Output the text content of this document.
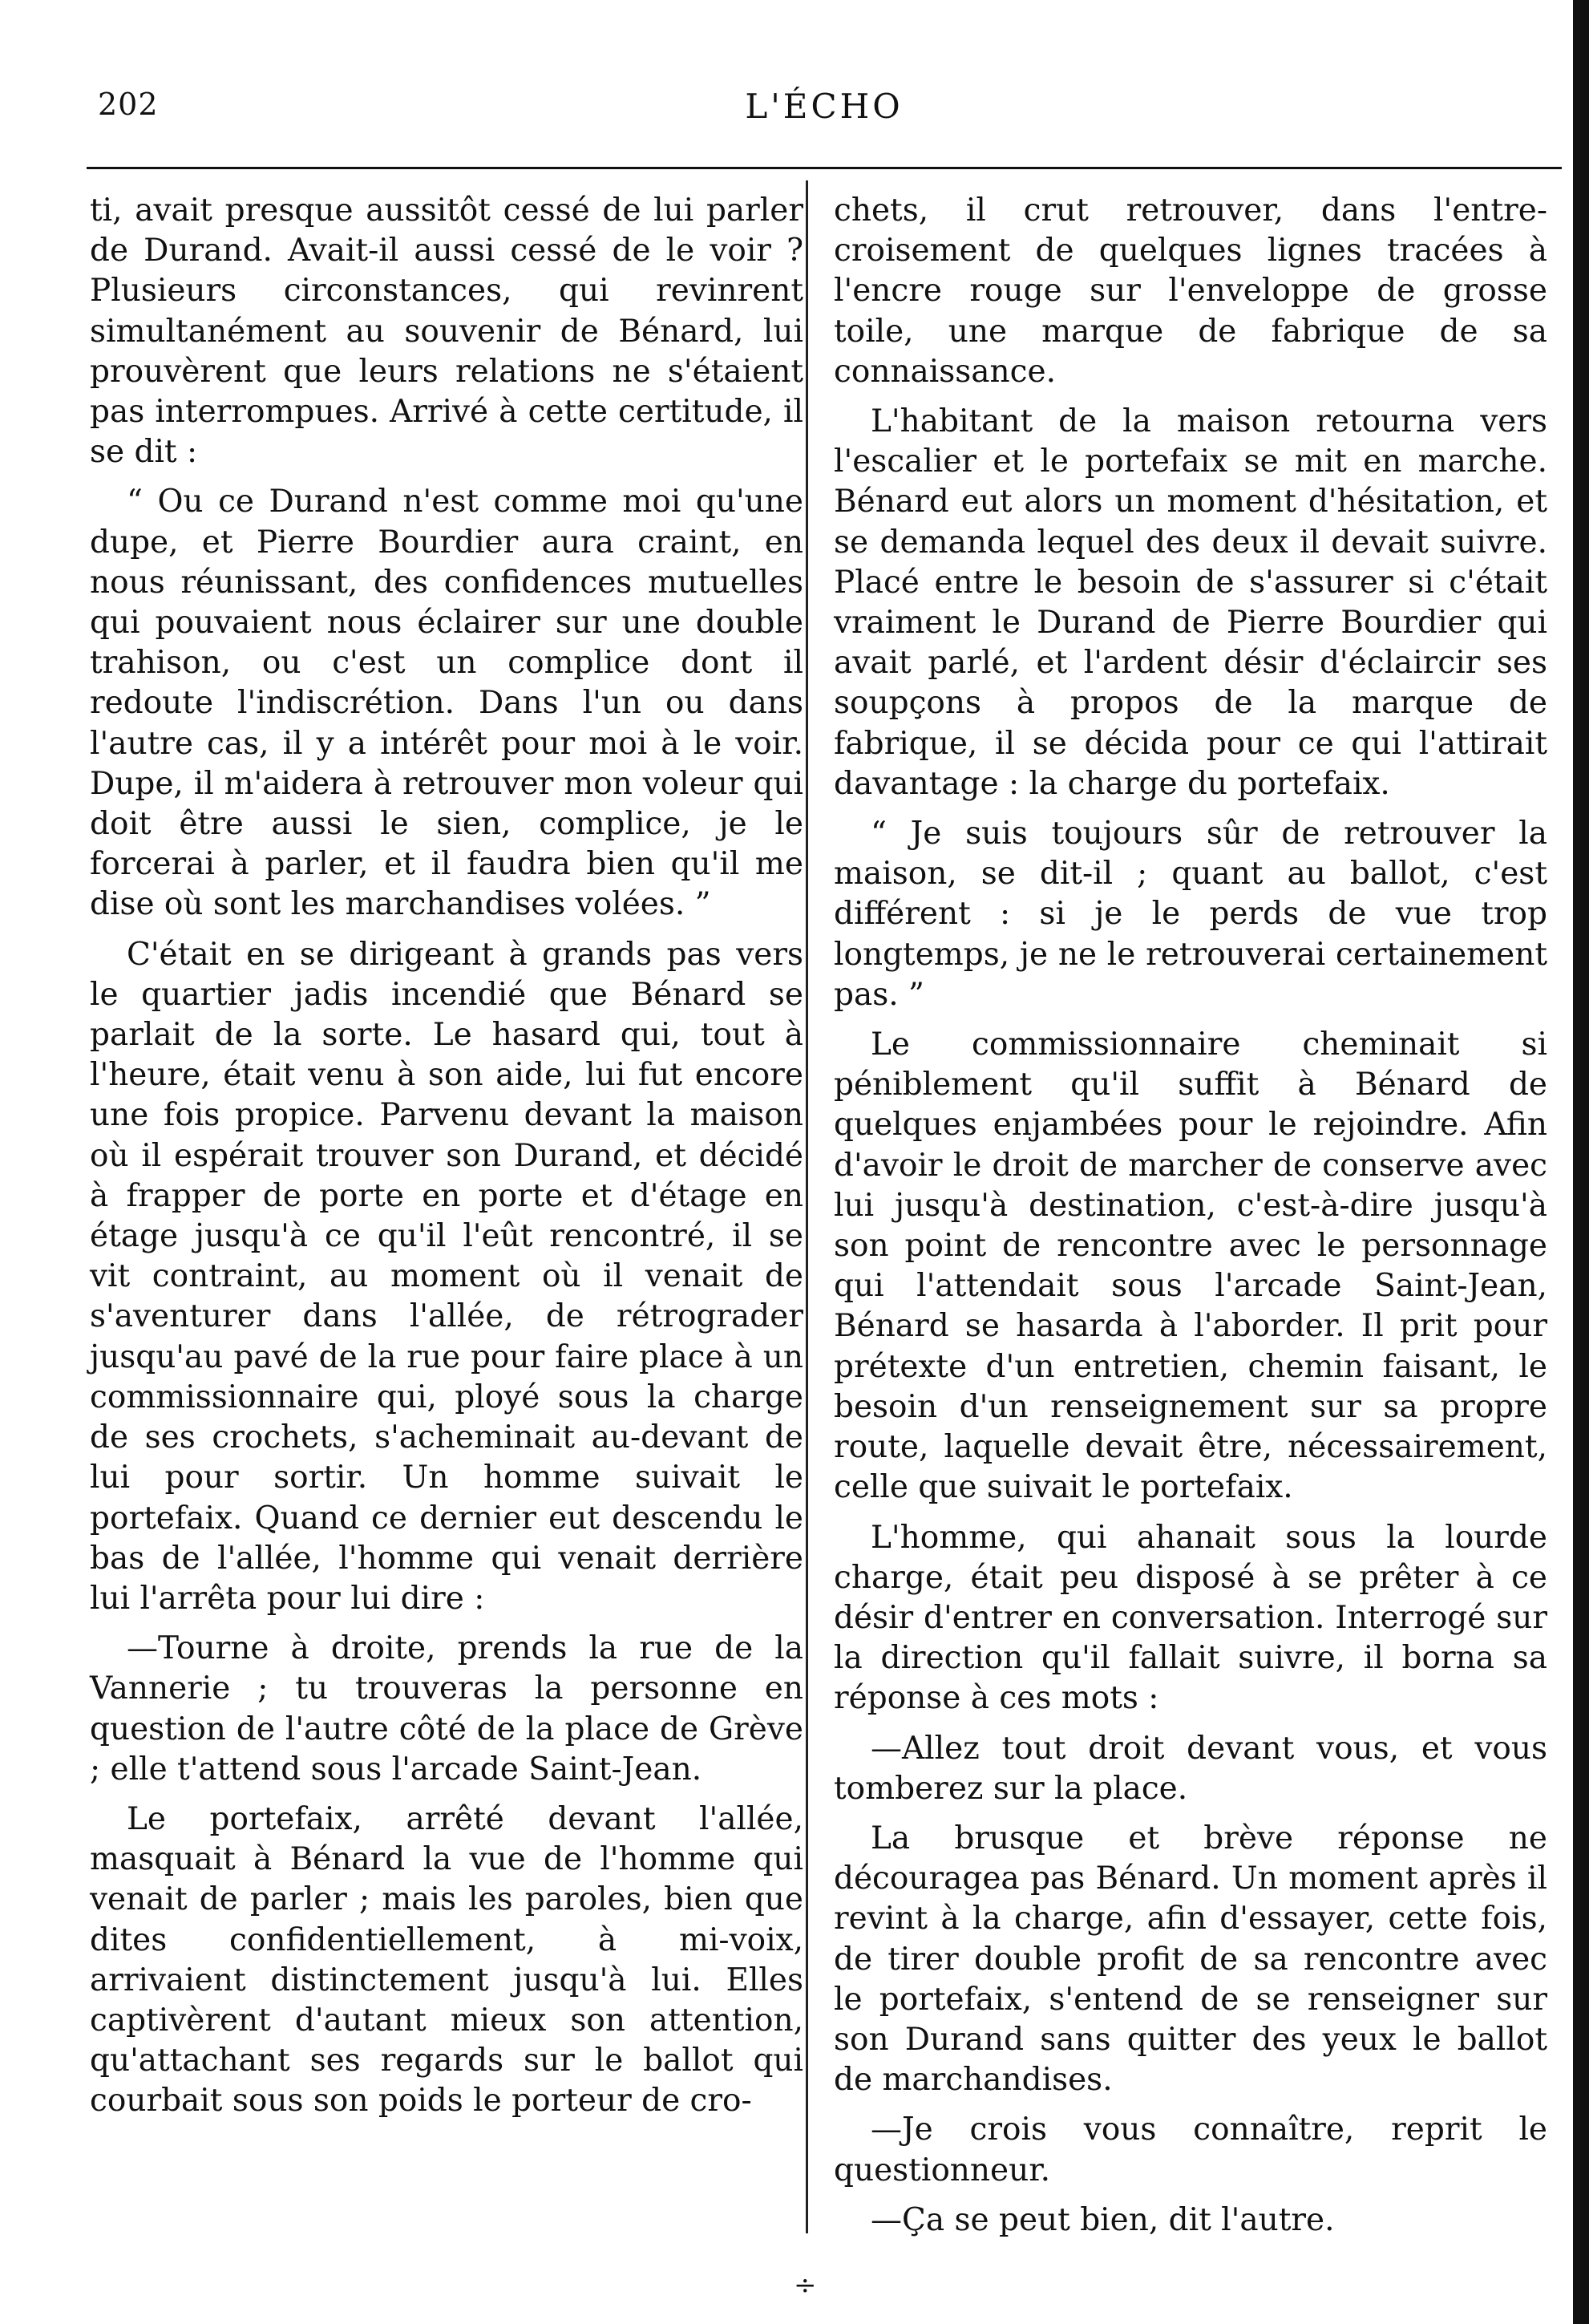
202	L'ÉCHO

ti, avait presque aussitôt cessé de lui parler de Durand. Avait-il aussi cessé de le voir ? Plusieurs circonstances, qui revinrent simultanément au souvenir de Bénard, lui prouvèrent que leurs relations ne s'étaient pas interrompues. Arrivé à cette certitude, il se dit :

“ Ou ce Durand n'est comme moi qu'une dupe, et Pierre Bourdier aura craint, en nous réunissant, des confidences mutuelles qui pouvaient nous éclairer sur une double trahison, ou c'est un complice dont il redoute l'indiscrétion. Dans l'un ou dans l'autre cas, il y a intérêt pour moi à le voir. Dupe, il m'aidera à retrouver mon voleur qui doit être aussi le sien, complice, je le forcerai à parler, et il faudra bien qu'il me dise où sont les marchandises volées. ”

C'était en se dirigeant à grands pas vers le quartier jadis incendié que Bénard se parlait de la sorte. Le hasard qui, tout à l'heure, était venu à son aide, lui fut encore une fois propice. Parvenu devant la maison où il espérait trouver son Durand, et décidé à frapper de porte en porte et d'étage en étage jusqu'à ce qu'il l'eût rencontré, il se vit contraint, au moment où il venait de s'aventurer dans l'allée, de rétrograder jusqu'au pavé de la rue pour faire place à un commissionnaire qui, ployé sous la charge de ses crochets, s'acheminait au-devant de lui pour sortir. Un homme suivait le portefaix. Quand ce dernier eut descendu le bas de l'allée, l'homme qui venait derrière lui l'arrêta pour lui dire :

—Tourne à droite, prends la rue de la Vannerie ; tu trouveras la personne en question de l'autre côté de la place de Grève ; elle t'attend sous l'arcade Saint-Jean.

Le portefaix, arrêté devant l'allée, masquait à Bénard la vue de l'homme qui venait de parler ; mais les paroles, bien que dites confidentiellement, à mi-voix, arrivaient distinctement jusqu'à lui. Elles captivèrent d'autant mieux son attention, qu'attachant ses regards sur le ballot qui courbait sous son poids le porteur de cro-

chets, il crut retrouver, dans l'entre-croisement de quelques lignes tracées à l'encre rouge sur l'enveloppe de grosse toile, une marque de fabrique de sa connaissance.

L'habitant de la maison retourna vers l'escalier et le portefaix se mit en marche. Bénard eut alors un moment d'hésitation, et se demanda lequel des deux il devait suivre. Placé entre le besoin de s'assurer si c'était vraiment le Durand de Pierre Bourdier qui avait parlé, et l'ardent désir d'éclaircir ses soupçons à propos de la marque de fabrique, il se décida pour ce qui l'attirait davantage : la charge du portefaix.

“ Je suis toujours sûr de retrouver la maison, se dit-il ; quant au ballot, c'est différent : si je le perds de vue trop longtemps, je ne le retrouverai certainement pas. ”

Le commissionnaire cheminait si péniblement qu'il suffit à Bénard de quelques enjambées pour le rejoindre. Afin d'avoir le droit de marcher de conserve avec lui jusqu'à destination, c'est-à-dire jusqu'à son point de rencontre avec le personnage qui l'attendait sous l'arcade Saint-Jean, Bénard se hasarda à l'aborder. Il prit pour prétexte d'un entretien, chemin faisant, le besoin d'un renseignement sur sa propre route, laquelle devait être, nécessairement, celle que suivait le portefaix.

L'homme, qui ahanait sous la lourde charge, était peu disposé à se prêter à ce désir d'entrer en conversation. Interrogé sur la direction qu'il fallait suivre, il borna sa réponse à ces mots :

—Allez tout droit devant vous, et vous tomberez sur la place.

La brusque et brève réponse ne découragea pas Bénard. Un moment après il revint à la charge, afin d'essayer, cette fois, de tirer double profit de sa rencontre avec le portefaix, s'entend de se renseigner sur son Durand sans quitter des yeux le ballot de marchandises.

—Je crois vous connaître, reprit le questionneur.

—Ça se peut bien, dit l'autre.

÷
